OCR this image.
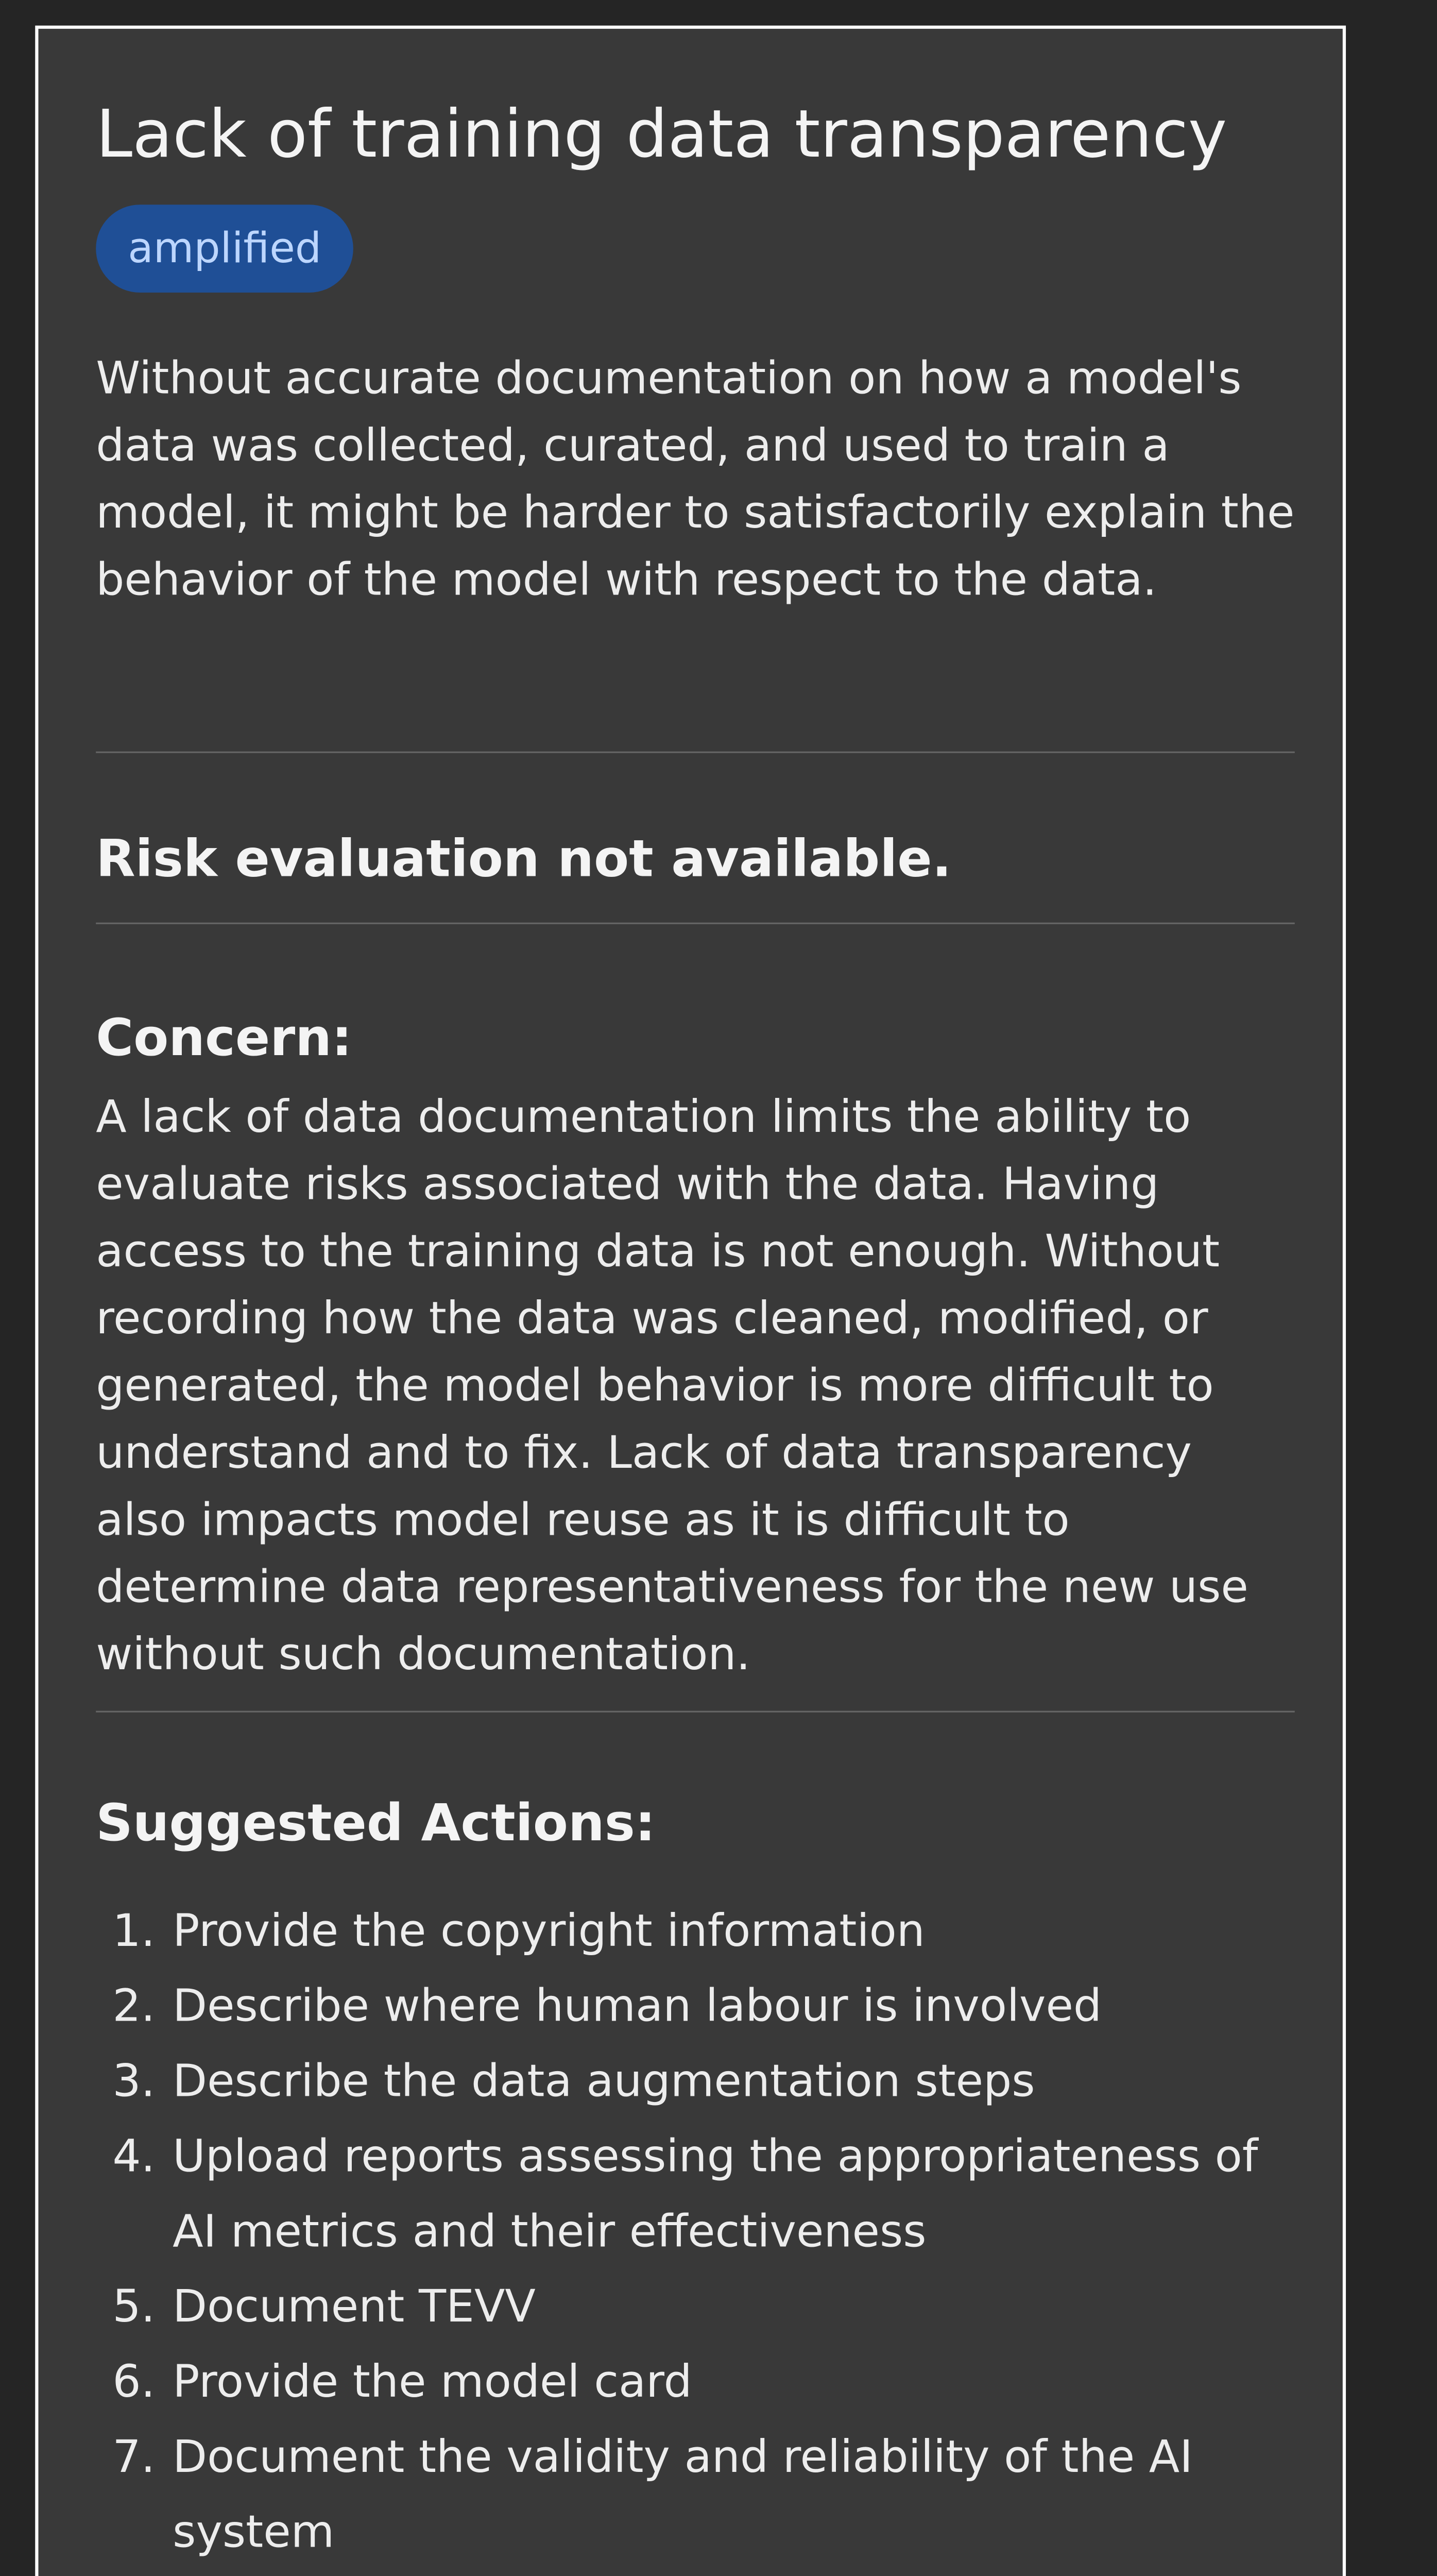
Lack of training data transparency
amplified

Without accurate documentation on how a model's data was collected, curated, and used to train a model, it might be harder to satisfactorily explain the behavior of the model with respect to the data.

Risk evaluation not available.
Concern:

A lack of data documentation limits the ability to evaluate risks associated with the data. Having access to the training data is not enough. Without recording how the data was cleaned, modified, or generated, the model behavior is more difficult to understand and to fix. Lack of data transparency also impacts model reuse as it is difficult to determine data representativeness for the new use without such documentation.

Suggested Actions:
1. Provide the copyright information
2. Describe where human labour is involved
3. Describe the data augmentation steps
4. Upload reports assessing the appropriateness of AI metrics and their effectiveness
5. Document TEVV
6. Provide the model card
7. Document the validity and reliability of the AI system
